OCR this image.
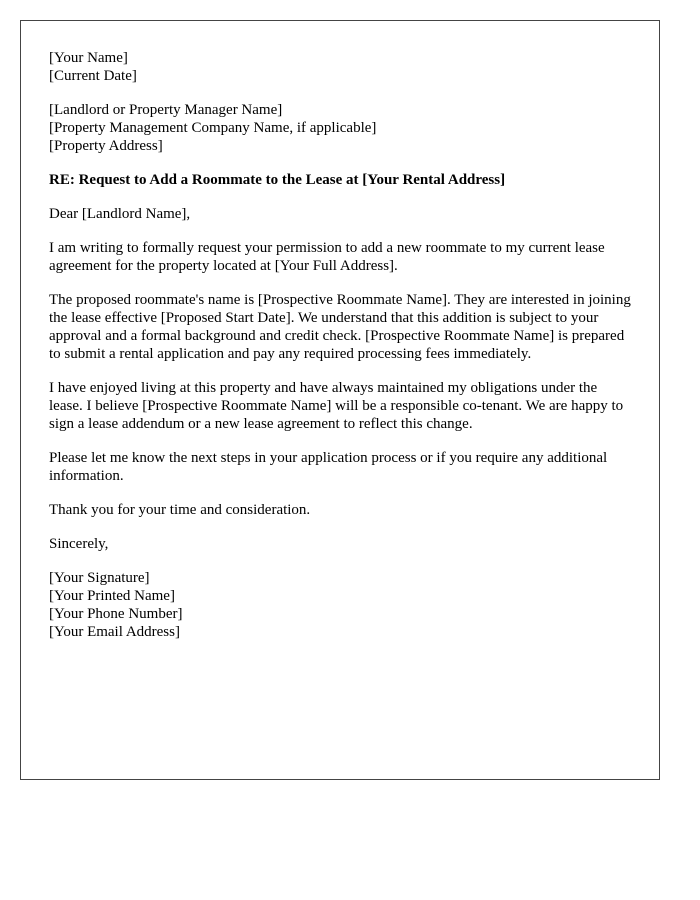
[Your Name]
[Current Date]
[Landlord or Property Manager Name]
[Property Management Company Name, if applicable]
[Property Address]

RE: Request to Add a Roommate to the Lease at [Your Rental Address]

Dear [Landlord Name],

I am writing to formally request your permission to add a new roommate to my current lease agreement for the property located at [Your Full Address].

The proposed roommate's name is [Prospective Roommate Name]. They are interested in joining the lease effective [Proposed Start Date]. We understand that this addition is subject to your approval and a formal background and credit check. [Prospective Roommate Name] is prepared to submit a rental application and pay any required processing fees immediately.

I have enjoyed living at this property and have always maintained my obligations under the lease. I believe [Prospective Roommate Name] will be a responsible co-tenant. We are happy to sign a lease addendum or a new lease agreement to reflect this change.

Please let me know the next steps in your application process or if you require any additional information.

Thank you for your time and consideration.

Sincerely,

[Your Signature]
[Your Printed Name]
[Your Phone Number]
[Your Email Address]
